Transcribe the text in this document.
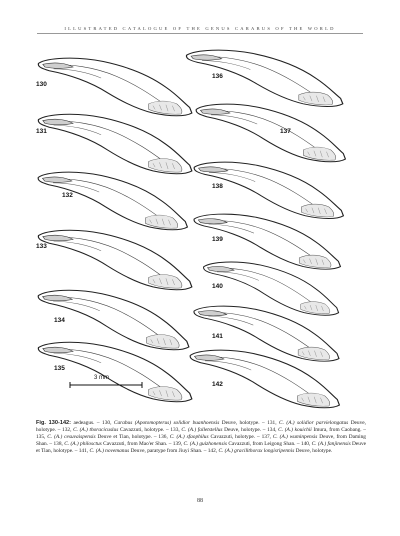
ILLUSTRATED CATALOGUE OF THE GENUS CARABUS OF THE WORLD
3 mm
130
131
132
133
134
135
136
137
138
139
140
141
142
Fig. 130-142: aedeagus. – 130, Carabus (Apotomopterus) solidior buanhoensis Deuve, holotype. – 131, C. (A.) solidior parvielongatus Deuve, holotype. – 132, C. (A.) thoracicuslus Cavazzuti, holotype. – 133, C. (A.) falletstellus Deuve, holotype. – 134, C. (A.) kouichii Imura, from Caobang. – 135, C. (A.) cesuvaispensis Deuve et Tian, holotype. – 136, C. (A.) sfaophilus Cavazzuti, holotype. – 137, C. (A.) wuminpensis Deuve, from Daming Shan. – 138, C. (A.) philosctus Cavazzuti, from Mao'er Shan. – 139, C. (A.) guizhonensis Cavazzuti, from Leigong Shan. – 140, C. (A.) fanjinensis Deuve et Tian, holotype. – 141, C. (A.) novemanus Deuve, paratype from Jiuyi Shan. – 142, C. (A.) gracilithorax longisripennis Deuve, holotype.
88
